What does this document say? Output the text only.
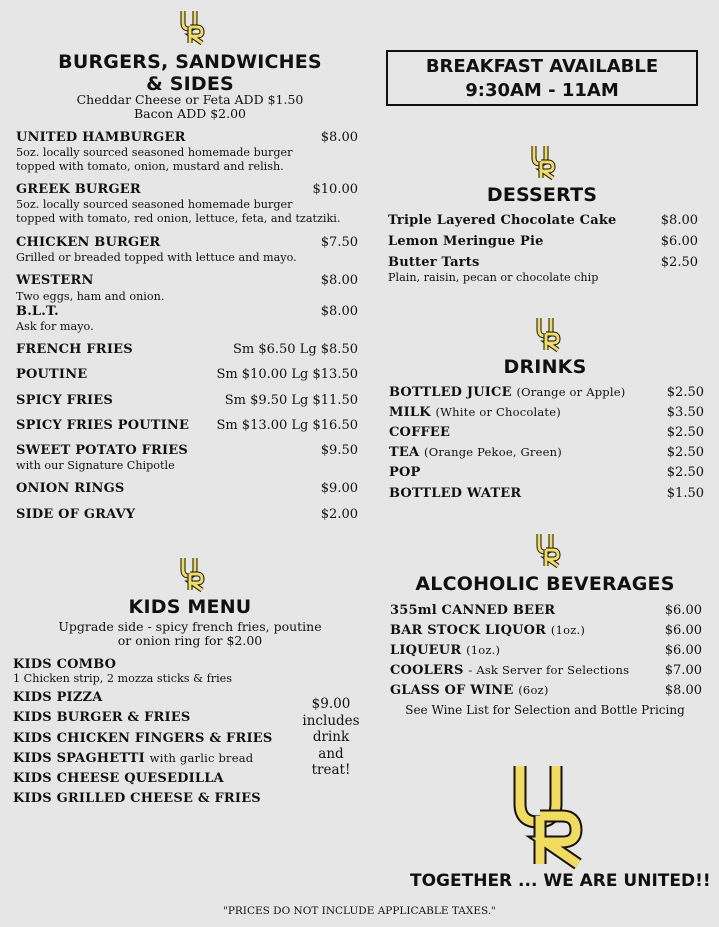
BURGERS, SANDWICHES
& SIDES
Cheddar Cheese or Feta ADD $1.50
Bacon ADD $2.00
UNITED HAMBURGER	$8.00
5oz. locally sourced seasoned homemade burger
topped with tomato, onion, mustard and relish.
GREEK BURGER	$10.00
5oz. locally sourced seasoned homemade burger
topped with tomato, red onion, lettuce, feta, and tzatziki.
CHICKEN BURGER	$7.50
Grilled or breaded topped with lettuce and mayo.
WESTERN	$8.00
Two eggs, ham and onion.
B.L.T.	$8.00
Ask for mayo.
FRENCH FRIES	Sm $6.50 Lg $8.50
POUTINE	Sm $10.00 Lg $13.50
SPICY FRIES	Sm $9.50 Lg $11.50
SPICY FRIES POUTINE	Sm $13.00 Lg $16.50
SWEET POTATO FRIES	$9.50
with our Signature Chipotle
ONION RINGS	$9.00
SIDE OF GRAVY	$2.00
BREAKFAST AVAILABLE
9:30AM - 11AM
DESSERTS
Triple Layered Chocolate Cake	$8.00
Lemon Meringue Pie	$6.00
Butter Tarts	$2.50
Plain, raisin, pecan or chocolate chip
DRINKS
BOTTLED JUICE (Orange or Apple)	$2.50
MILK (White or Chocolate)	$3.50
COFFEE	$2.50
TEA (Orange Pekoe, Green)	$2.50
POP	$2.50
BOTTLED WATER	$1.50
ALCOHOLIC BEVERAGES
355ml CANNED BEER	$6.00
BAR STOCK LIQUOR (1oz.)	$6.00
LIQUEUR (1oz.)	$6.00
COOLERS - Ask Server for Selections	$7.00
GLASS OF WINE (6oz)	$8.00
See Wine List for Selection and Bottle Pricing
KIDS MENU
Upgrade side - spicy french fries, poutine
or onion ring for $2.00
KIDS COMBO
1 Chicken strip, 2 mozza sticks & fries
KIDS PIZZA
KIDS BURGER & FRIES
KIDS CHICKEN FINGERS & FRIES
KIDS SPAGHETTI with garlic bread
KIDS CHEESE QUESEDILLA
KIDS GRILLED CHEESE & FRIES
$9.00
includes
drink
and
treat!
TOGETHER ... WE ARE UNITED!!
"PRICES DO NOT INCLUDE APPLICABLE TAXES."
